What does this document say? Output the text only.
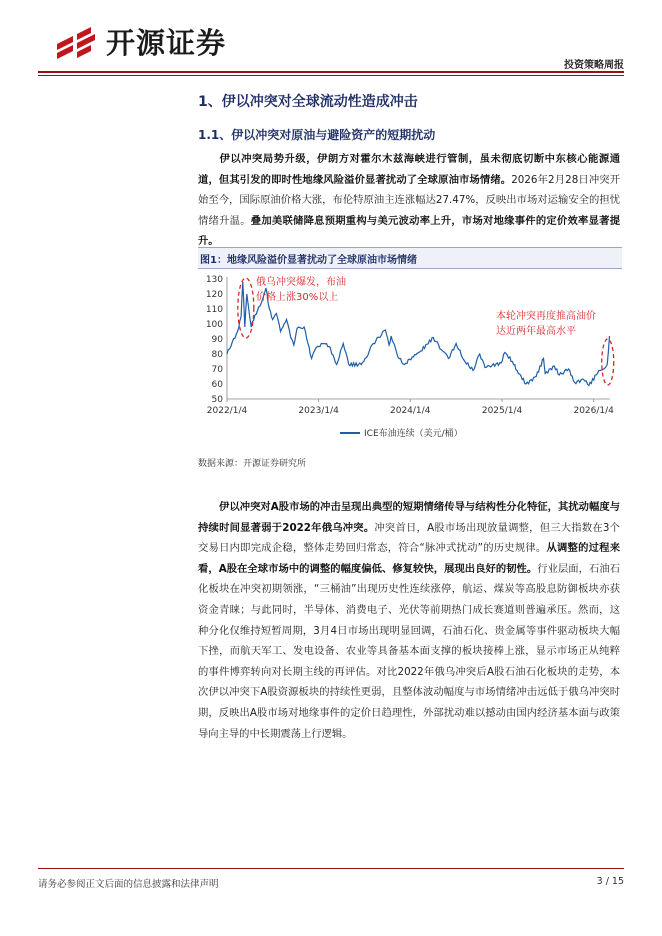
开源证券
投资策略周报
1、伊以冲突对全球流动性造成冲击
1.1、伊以冲突对原油与避险资产的短期扰动
伊以冲突局势升级，伊朗方对霍尔木兹海峡进行管制，虽未彻底切断中东核心能源通道，但其引发的即时性地缘风险溢价显著扰动了全球原油市场情绪。2026年2月28日冲突开始至今，国际原油价格大涨，布伦特原油主连涨幅达27.47%，反映出市场对运输安全的担忧情绪升温。叠加美联储降息预期重构与美元波动率上升，市场对地缘事件的定价效率显著提升。
图1：地缘风险溢价显著扰动了全球原油市场情绪
130
120
110
100
90
80
70
60
50
2022/1/4	2023/1/4	2024/1/4	2025/1/4	2026/1/4
俄乌冲突爆发，布油
价格上涨30%以上
本轮冲突再度推高油价
达近两年最高水平
ICE布油连续（美元/桶）
数据来源：开源证券研究所
伊以冲突对A股市场的冲击呈现出典型的短期情绪传导与结构性分化特征，其扰动幅度与持续时间显著弱于2022年俄乌冲突。冲突首日，A股市场出现放量调整，但三大指数在3个交易日内即完成企稳，整体走势回归常态，符合“脉冲式扰动”的历史规律。从调整的过程来看，A股在全球市场中的调整的幅度偏低、修复较快，展现出良好的韧性。行业层面，石油石化板块在冲突初期领涨，“三桶油”出现历史性连续涨停，航运、煤炭等高股息防御板块亦获资金青睐；与此同时，半导体、消费电子、光伏等前期热门成长赛道则普遍承压。然而，这种分化仅维持短暂周期，3月4日市场出现明显回调，石油石化、贵金属等事件驱动板块大幅下挫，而航天军工、发电设备、农业等具备基本面支撑的板块接棒上涨，显示市场正从纯粹的事件博弈转向对长期主线的再评估。对比2022年俄乌冲突后A股石油石化板块的走势，本次伊以冲突下A股资源板块的持续性更弱，且整体波动幅度与市场情绪冲击远低于俄乌冲突时期，反映出A股市场对地缘事件的定价日趋理性，外部扰动难以撼动由国内经济基本面与政策导向主导的中长期震荡上行逻辑。
请务必参阅正文后面的信息披露和法律声明	3 / 15
